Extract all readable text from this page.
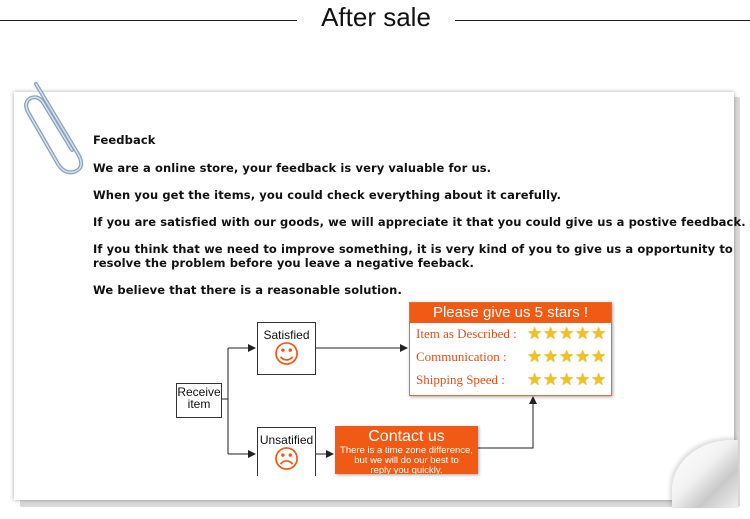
After sale
Feedback
We are a online store, your feedback is very valuable for us.
When you get the items, you could check everything about it carefully.
If you are satisfied with our goods, we will appreciate it that you could give us a postive feedback.
If you think that we need to improve something, it is very kind of you to give us a opportunity to
resolve the problem before you leave a negative feeback.
We believe that there is a reasonable solution.
Receive
item
Satisfied
☺
Unsatified
☹
Please give us 5 stars !
Item as Described :
Communication :
Shipping Speed :
★ ★ ★ ★ ★
★ ★ ★ ★ ★
★ ★ ★ ★ ★
Contact us
There is a time zone difference,
but we will do our best to
reply you quickly.
